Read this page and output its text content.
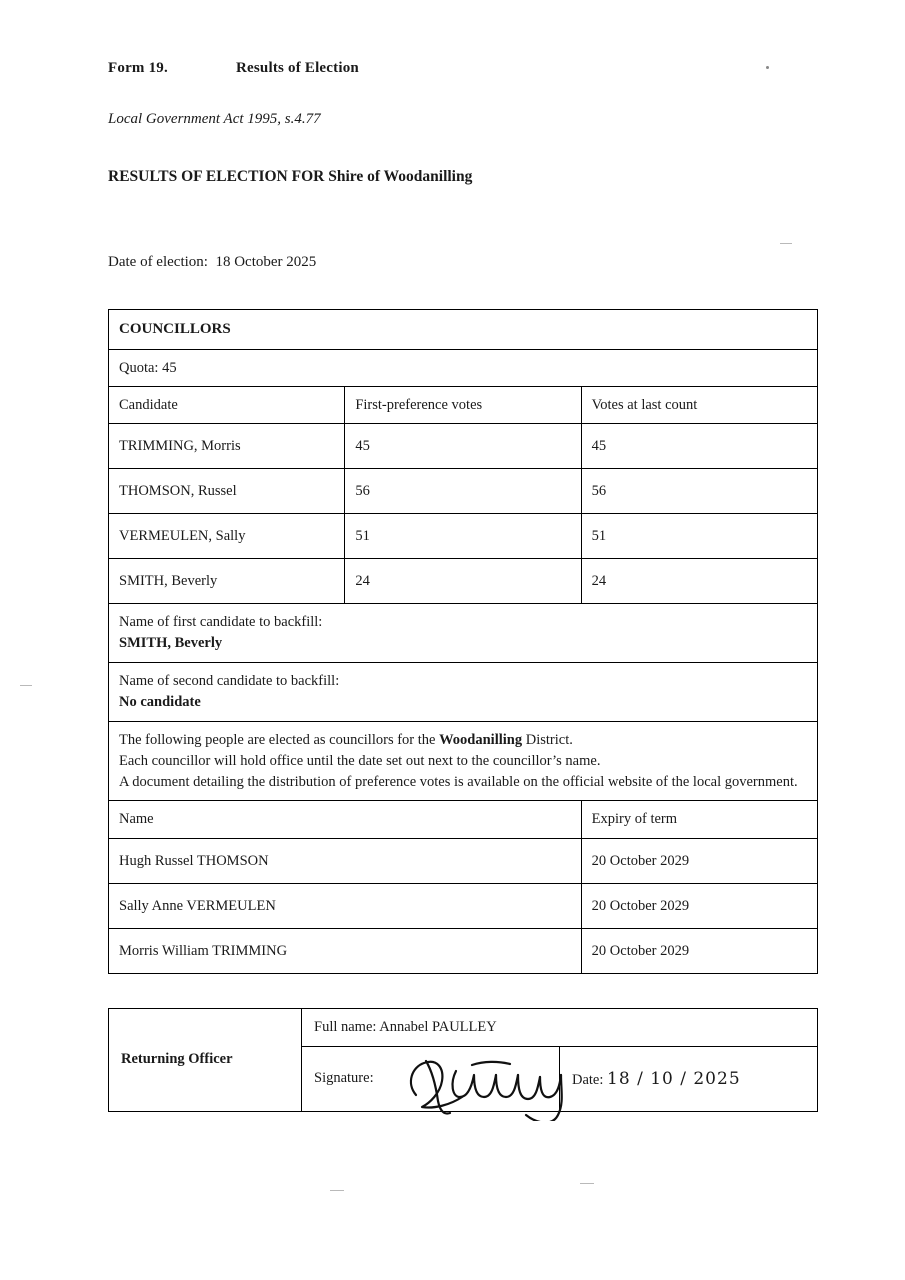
Form 19.	Results of Election
Local Government Act 1995, s.4.77
RESULTS OF ELECTION FOR Shire of Woodanilling
Date of election: 18 October 2025
COUNCILLORS		
Quota: 45		
Candidate	First-preference votes	Votes at last count
TRIMMING, Morris	45	45
THOMSON, Russel	56	56
VERMEULEN, Sally	51	51
SMITH, Beverly	24	24
Name of first candidate to backfill:
SMITH, Beverly		
Name of second candidate to backfill:
No candidate		

The following people are elected as councillors for the Woodanilling District.

Each councillor will hold office until the date set out next to the councillor’s name.

A document detailing the distribution of preference votes is available on the official website of the local government.		

Name		Expiry of term
Hugh Russel THOMSON		20 October 2029
Sally Anne VERMEULEN		20 October 2029
Morris William TRIMMING		20 October 2029
Returning Officer	Full name: Annabel PAULLEY	
	Signature:	Date: 18 / 10 / 2025
